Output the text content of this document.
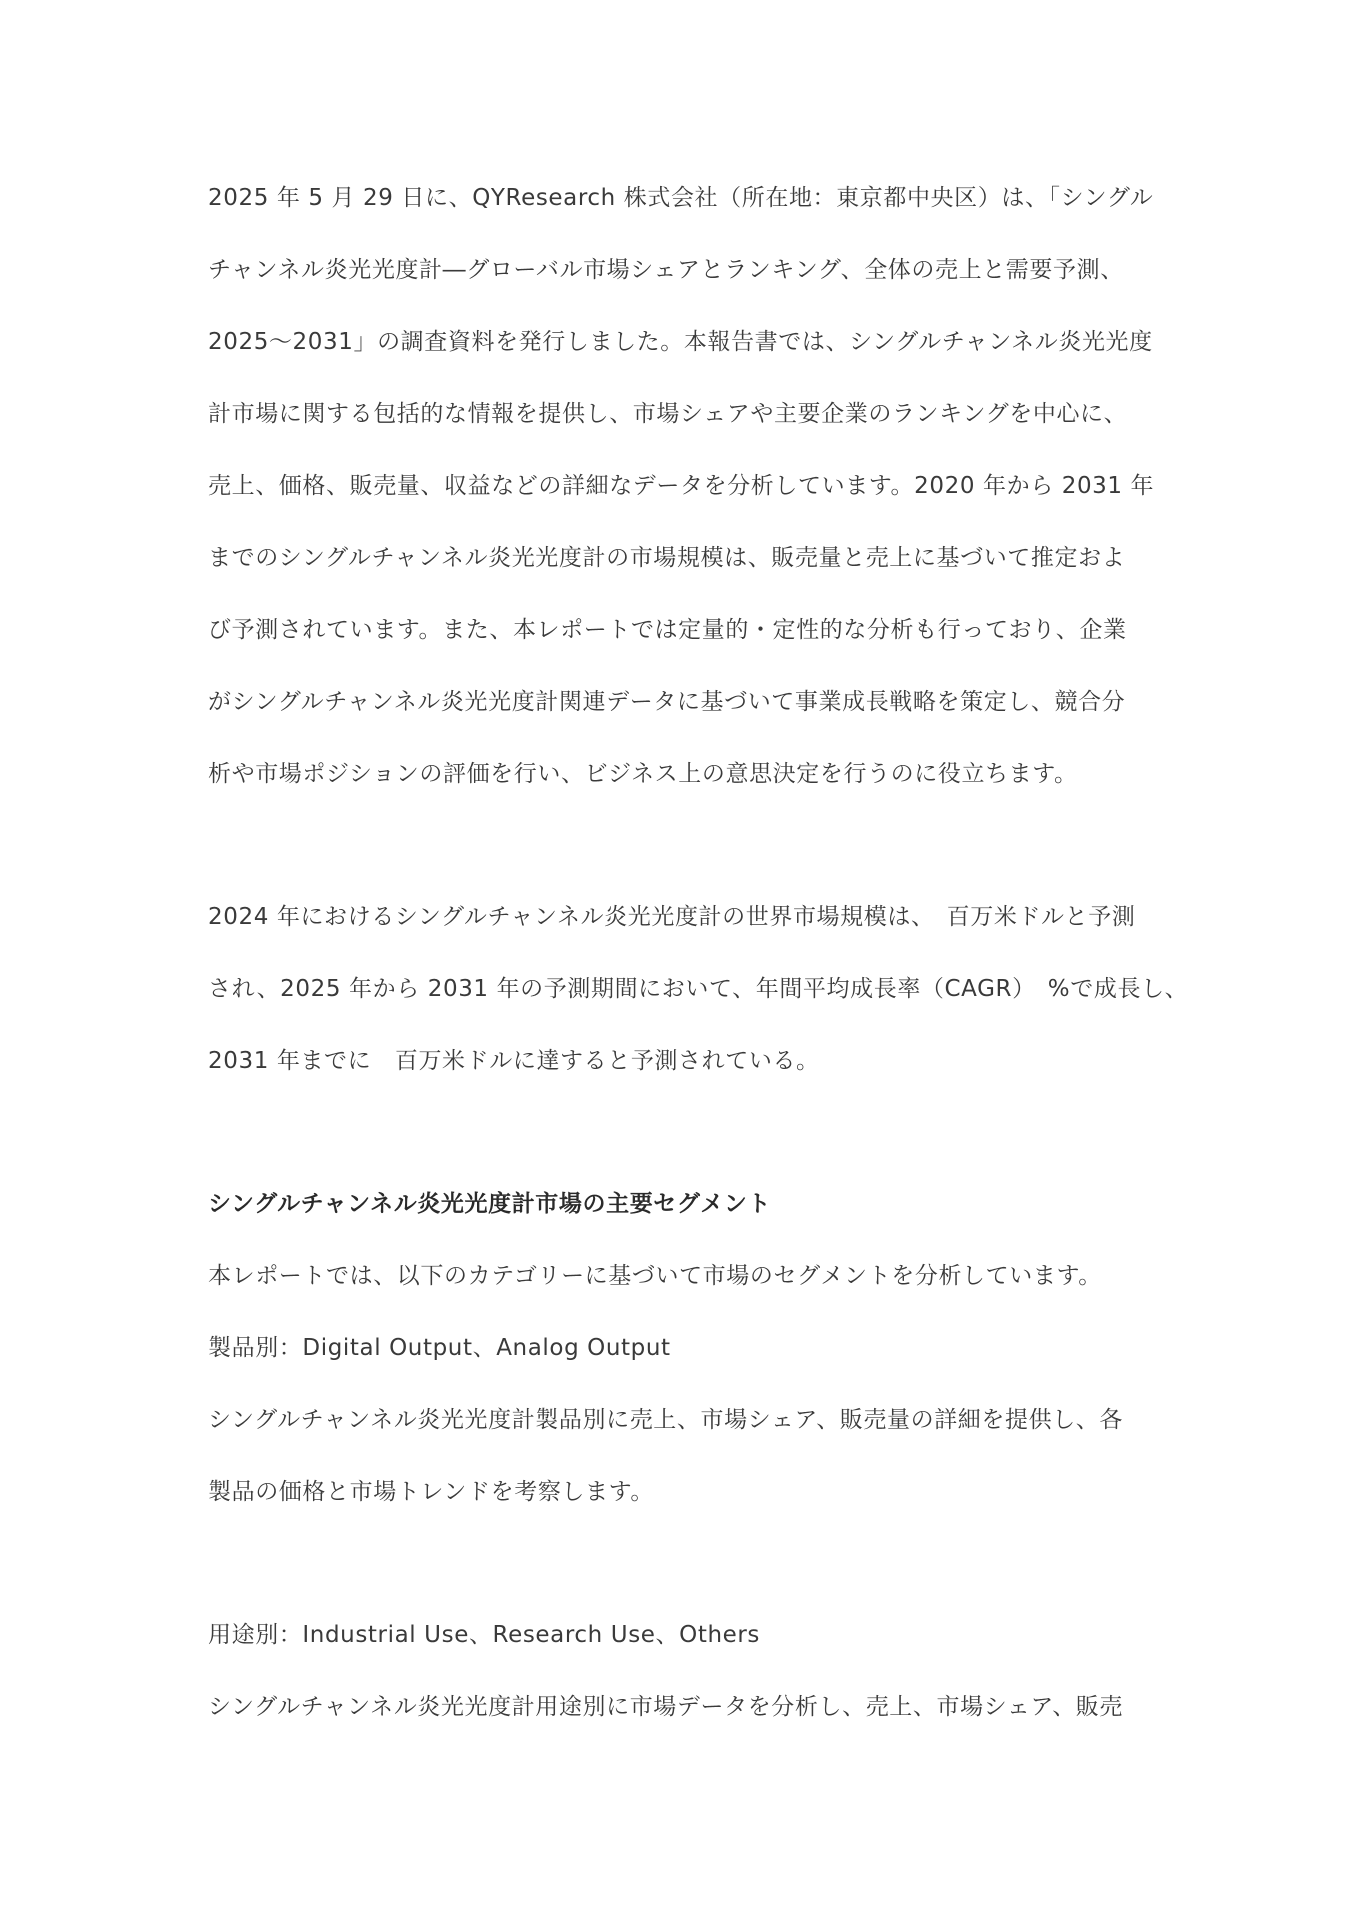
2025 年 5 月 29 日に、QYResearch 株式会社（所在地：東京都中央区）は、「シングル
チャンネル炎光光度計―グローバル市場シェアとランキング、全体の売上と需要予測、
2025～2031」の調査資料を発行しました。本報告書では、シングルチャンネル炎光光度
計市場に関する包括的な情報を提供し、市場シェアや主要企業のランキングを中心に、
売上、価格、販売量、収益などの詳細なデータを分析しています。2020 年から 2031 年
までのシングルチャンネル炎光光度計の市場規模は、販売量と売上に基づいて推定およ
び予測されています。また、本レポートでは定量的・定性的な分析も行っており、企業
がシングルチャンネル炎光光度計関連データに基づいて事業成長戦略を策定し、競合分
析や市場ポジションの評価を行い、ビジネス上の意思決定を行うのに役立ちます。
2024 年におけるシングルチャンネル炎光光度計の世界市場規模は、　百万米ドルと予測
され、2025 年から 2031 年の予測期間において、年間平均成長率（CAGR）　%で成長し、
2031 年までに　百万米ドルに達すると予測されている。
シングルチャンネル炎光光度計市場の主要セグメント
本レポートでは、以下のカテゴリーに基づいて市場のセグメントを分析しています。
製品別：Digital Output、Analog Output
シングルチャンネル炎光光度計製品別に売上、市場シェア、販売量の詳細を提供し、各
製品の価格と市場トレンドを考察します。
用途別：Industrial Use、Research Use、Others
シングルチャンネル炎光光度計用途別に市場データを分析し、売上、市場シェア、販売
